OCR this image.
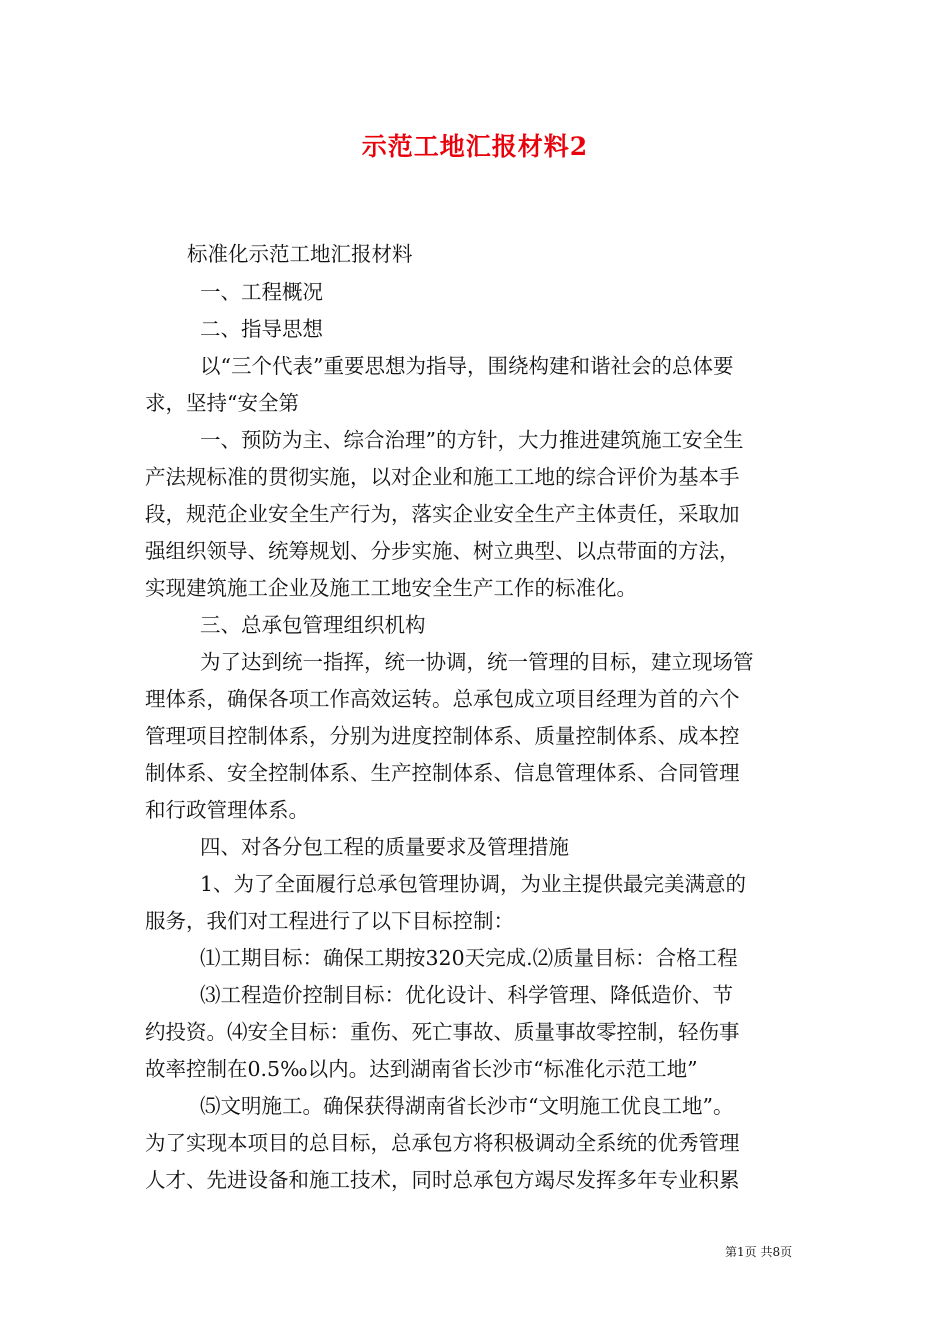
示范工地汇报材料2
标准化示范工地汇报材料
一、工程概况
二、指导思想
以“三个代表”重要思想为指导，围绕构建和谐社会的总体要
求，坚持“安全第
一、预防为主、综合治理”的方针，大力推进建筑施工安全生
产法规标准的贯彻实施，以对企业和施工工地的综合评价为基本手
段，规范企业安全生产行为，落实企业安全生产主体责任，采取加
强组织领导、统筹规划、分步实施、树立典型、以点带面的方法，
实现建筑施工企业及施工工地安全生产工作的标准化。
三、总承包管理组织机构
为了达到统一指挥，统一协调，统一管理的目标，建立现场管
理体系，确保各项工作高效运转。总承包成立项目经理为首的六个
管理项目控制体系，分别为进度控制体系、质量控制体系、成本控
制体系、安全控制体系、生产控制体系、信息管理体系、合同管理
和行政管理体系。
四、对各分包工程的质量要求及管理措施
1、为了全面履行总承包管理协调，为业主提供最完美满意的
服务，我们对工程进行了以下目标控制：
⑴工期目标：确保工期按320天完成.⑵质量目标：合格工程
⑶工程造价控制目标：优化设计、科学管理、降低造价、节
约投资。⑷安全目标：重伤、死亡事故、质量事故零控制，轻伤事
故率控制在0.5‰以内。达到湖南省长沙市“标准化示范工地”
⑸文明施工。确保获得湖南省长沙市“文明施工优良工地”。
为了实现本项目的总目标，总承包方将积极调动全系统的优秀管理
人才、先进设备和施工技术，同时总承包方竭尽发挥多年专业积累
第1页 共8页
